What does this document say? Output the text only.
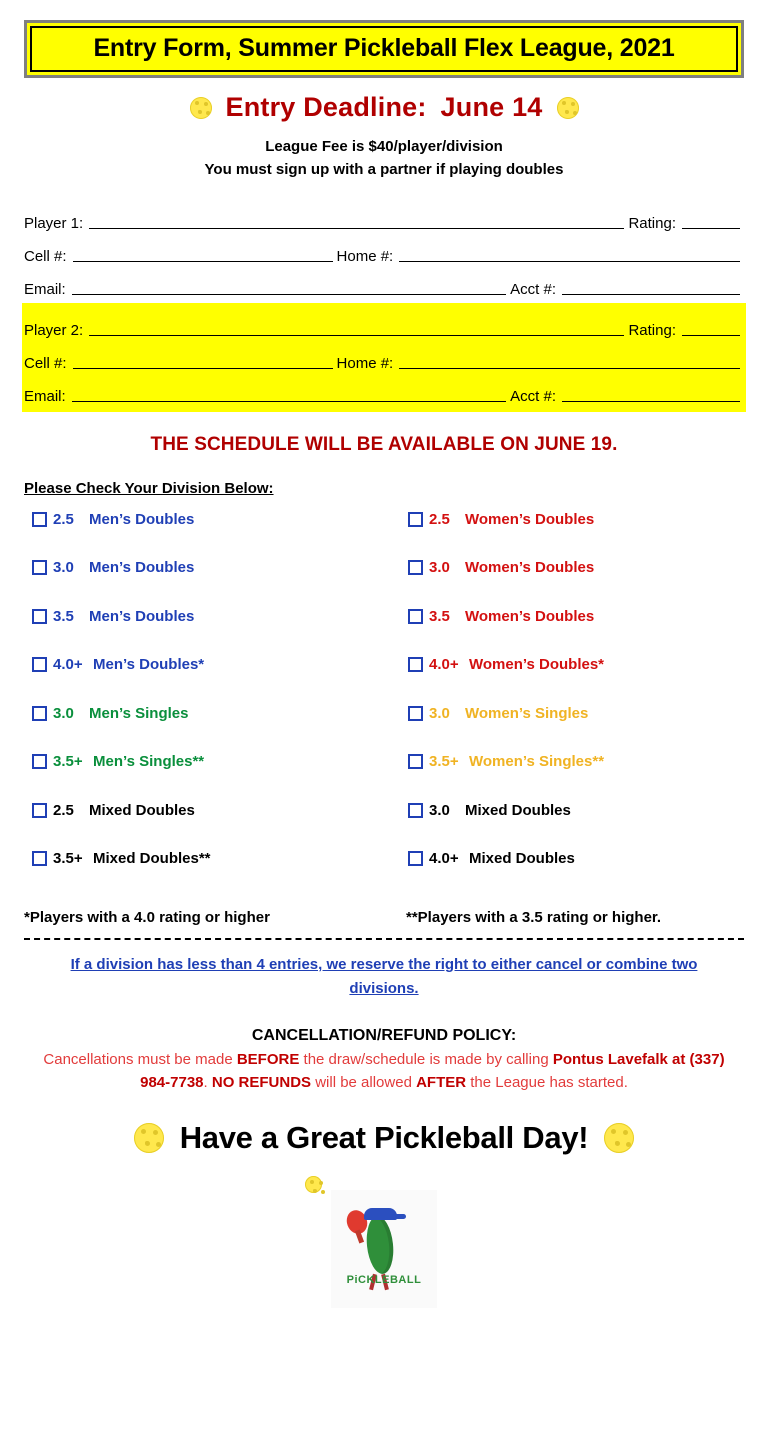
Entry Form, Summer Pickleball Flex League, 2021
Entry Deadline: June 14
League Fee is $40/player/division
You must sign up with a partner if playing doubles
Player 1:	Rating:
Cell #:	Home #:
Email:	Acct #:
Player 2:	Rating:
Cell #:	Home #:
Email:	Acct #:
THE SCHEDULE WILL BE AVAILABLE ON JUNE 19.
Please Check Your Division Below:
2.5	Men’s Doubles	2.5	Women’s Doubles
3.0	Men’s Doubles	3.0	Women’s Doubles
3.5	Men’s Doubles	3.5	Women’s Doubles
4.0+ Men’s Doubles*	4.0+ Women’s Doubles*
3.0	Men’s Singles	3.0	Women’s Singles
3.5+ Men’s Singles**	3.5+ Women’s Singles**
2.5	Mixed Doubles	3.0	Mixed Doubles
3.5+ Mixed Doubles**	4.0+ Mixed Doubles
*Players with a 4.0 rating or higher	**Players with a 3.5 rating or higher.
If a division has less than 4 entries, we reserve the right to either cancel or combine two divisions.
CANCELLATION/REFUND POLICY:
Cancellations must be made BEFORE the draw/schedule is made by calling Pontus Lavefalk at (337) 984-7738. NO REFUNDS will be allowed AFTER the League has started.
Have a Great Pickleball Day!
PiCKLEBALL
